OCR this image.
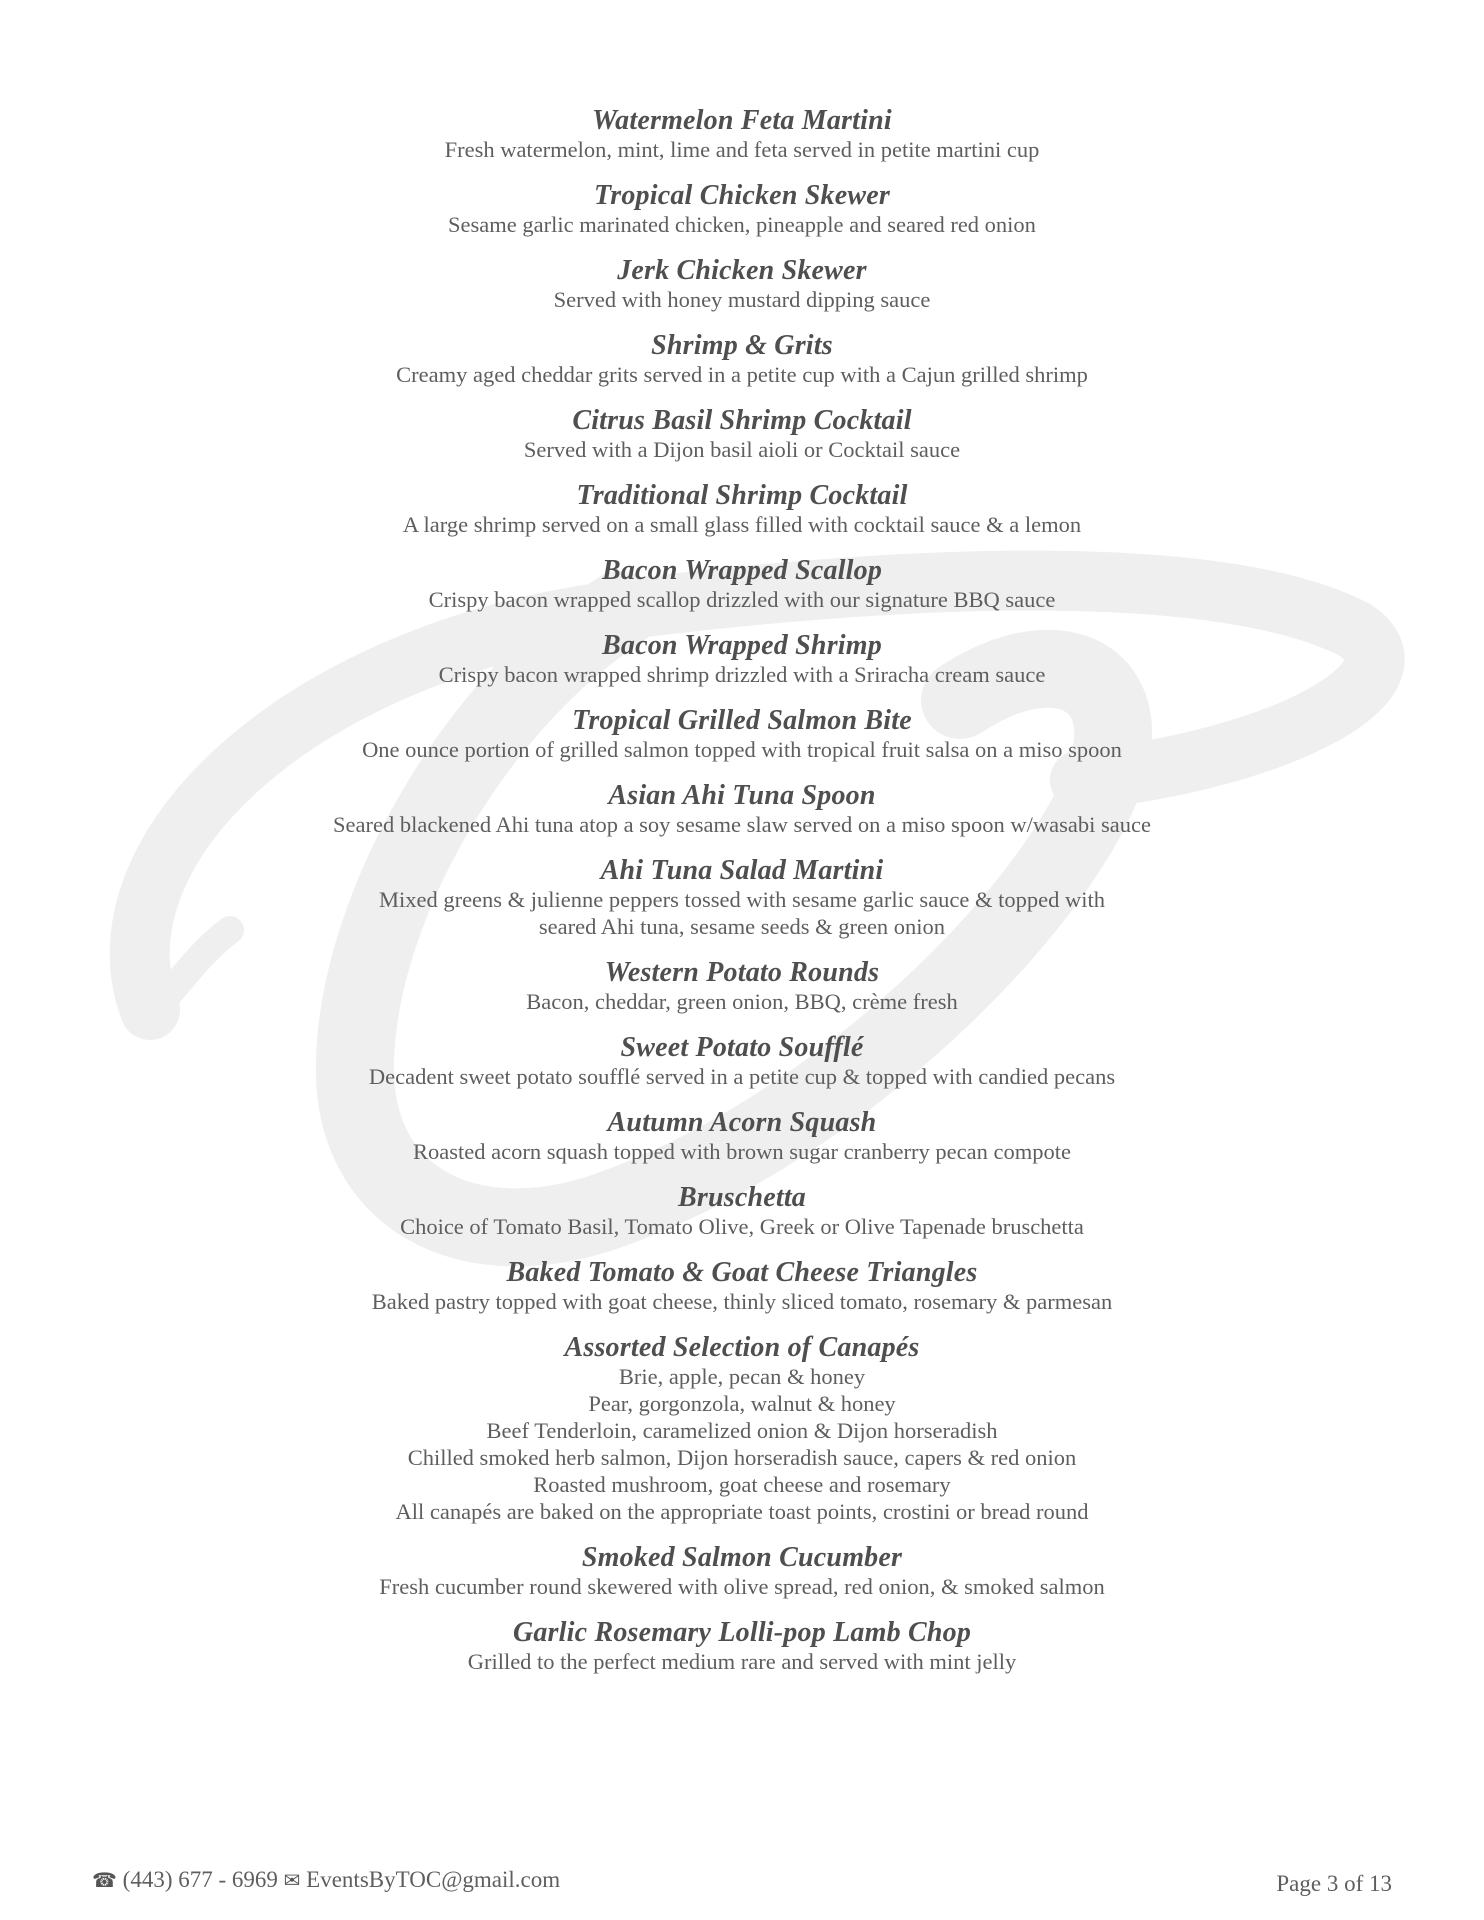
Watermelon Feta Martini
Fresh watermelon, mint, lime and feta served in petite martini cup
Tropical Chicken Skewer
Sesame garlic marinated chicken, pineapple and seared red onion
Jerk Chicken Skewer
Served with honey mustard dipping sauce
Shrimp & Grits
Creamy aged cheddar grits served in a petite cup with a Cajun grilled shrimp
Citrus Basil Shrimp Cocktail
Served with a Dijon basil aioli or Cocktail sauce
Traditional Shrimp Cocktail
A large shrimp served on a small glass filled with cocktail sauce & a lemon
Bacon Wrapped Scallop
Crispy bacon wrapped scallop drizzled with our signature BBQ sauce
Bacon Wrapped Shrimp
Crispy bacon wrapped shrimp drizzled with a Sriracha cream sauce
Tropical Grilled Salmon Bite
One ounce portion of grilled salmon topped with tropical fruit salsa on a miso spoon
Asian Ahi Tuna Spoon
Seared blackened Ahi tuna atop a soy sesame slaw served on a miso spoon w/wasabi sauce
Ahi Tuna Salad Martini
Mixed greens & julienne peppers tossed with sesame garlic sauce & topped with
seared Ahi tuna, sesame seeds & green onion
Western Potato Rounds
Bacon, cheddar, green onion, BBQ, crème fresh
Sweet Potato Soufflé
Decadent sweet potato soufflé served in a petite cup & topped with candied pecans
Autumn Acorn Squash
Roasted acorn squash topped with brown sugar cranberry pecan compote
Bruschetta
Choice of Tomato Basil, Tomato Olive, Greek or Olive Tapenade bruschetta
Baked Tomato & Goat Cheese Triangles
Baked pastry topped with goat cheese, thinly sliced tomato, rosemary & parmesan
Assorted Selection of Canapés
Brie, apple, pecan & honey
Pear, gorgonzola, walnut & honey
Beef Tenderloin, caramelized onion & Dijon horseradish
Chilled smoked herb salmon, Dijon horseradish sauce, capers & red onion
Roasted mushroom, goat cheese and rosemary
All canapés are baked on the appropriate toast points, crostini or bread round
Smoked Salmon Cucumber
Fresh cucumber round skewered with olive spread, red onion, & smoked salmon
Garlic Rosemary Lolli-pop Lamb Chop
Grilled to the perfect medium rare and served with mint jelly
☎ (443) 677 - 6969 ✉ EventsByTOC@gmail.com	Page 3 of 13
